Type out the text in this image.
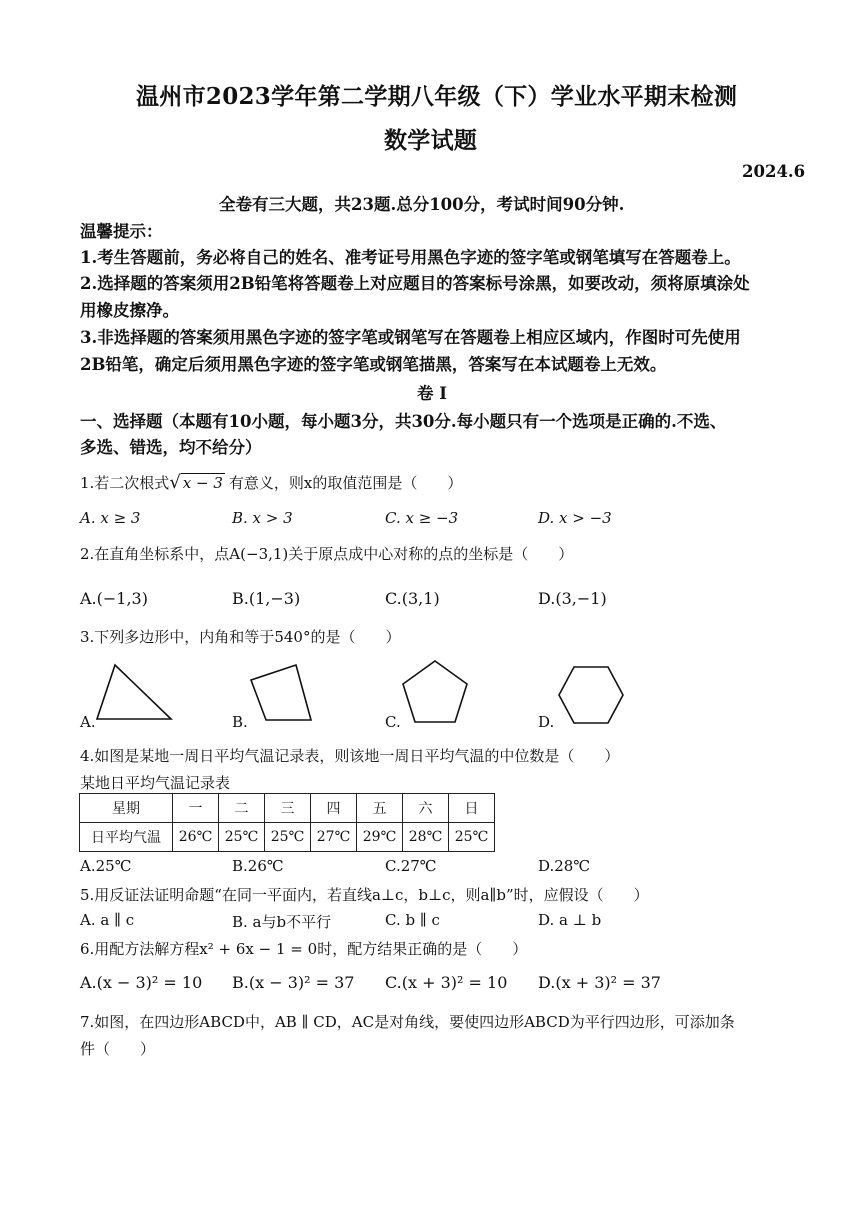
温州市2023学年第二学期八年级（下）学业水平期末检测
数学试题
2024.6
全卷有三大题，共23题.总分100分，考试时间90分钟.
温馨提示：
1.考生答题前，务必将自己的姓名、准考证号用黑色字迹的签字笔或钢笔填写在答题卷上。
2.选择题的答案须用2B铅笔将答题卷上对应题目的答案标号涂黑，如要改动，须将原填涂处
用橡皮擦净。
3.非选择题的答案须用黑色字迹的签字笔或钢笔写在答题卷上相应区域内，作图时可先使用
2B铅笔，确定后须用黑色字迹的签字笔或钢笔描黑，答案写在本试题卷上无效。
卷 I
一、选择题（本题有10小题，每小题3分，共30分.每小题只有一个选项是正确的.不选、
多选、错选，均不给分）
1.若二次根式√ x − 3 有意义，则x的取值范围是（　　）
A. x ≥ 3	B. x > 3	C. x ≥ −3	D. x > −3
2.在直角坐标系中，点A(−3,1)关于原点成中心对称的点的坐标是（　　）
A.(−1,3)	B.(1,−3)	C.(3,1)	D.(3,−1)
3.下列多边形中，内角和等于540°的是（　　）
A.	B.	C.	D.
4.如图是某地一周日平均气温记录表，则该地一周日平均气温的中位数是（　　）
某地日平均气温记录表
星期	一	二	三	四	五	六	日
日平均气温	26℃	25℃	25℃	27℃	29℃	28℃	25℃
A.25℃	B.26℃	C.27℃	D.28℃
5.用反证法证明命题“在同一平面内，若直线a⊥c，b⊥c，则a∥b”时，应假设（　　）
A. a ∥ c	B. a与b不平行	C. b ∥ c	D. a ⊥ b
6.用配方法解方程x² + 6x − 1 = 0时，配方结果正确的是（　　）
A.(x − 3)² = 10 B.(x − 3)² = 37 C.(x + 3)² = 10 D.(x + 3)² = 37
7.如图，在四边形ABCD中，AB ∥ CD，AC是对角线，要使四边形ABCD为平行四边形，可添加条
件（　　）
